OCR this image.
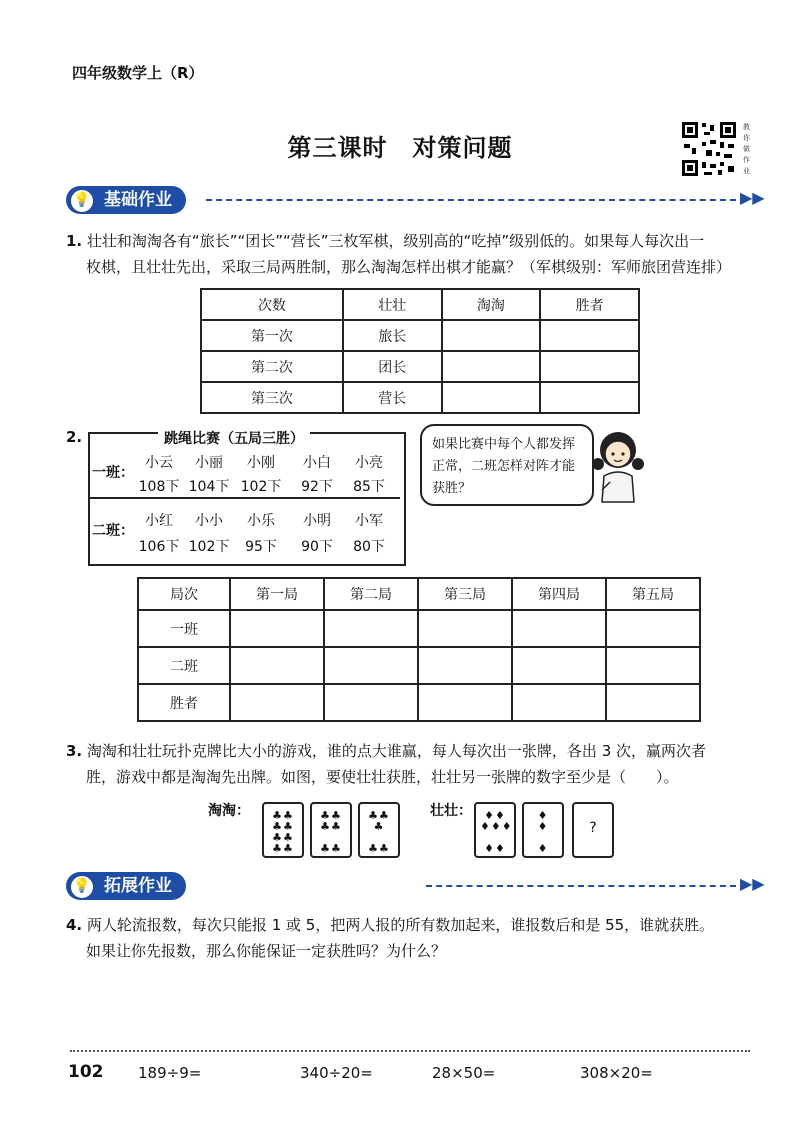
四年级数学上（R）
第三课时　对策问题
教你做作业
💡 基础作业	▶▶
1. 壮壮和淘淘各有“旅长”“团长”“营长”三枚军棋，级别高的“吃掉”级别低的。如果每人每次出一
枚棋，且壮壮先出，采取三局两胜制，那么淘淘怎样出棋才能赢？（军棋级别：军师旅团营连排）
次数	壮壮	淘淘	胜者
第一次	旅长		
第二次	团长		
第三次	营长		
2.	跳绳比赛（五局三胜）
一班：
小云	小丽	小刚	小白	小亮
108下 104下 102下	92下	85下
二班：
小红	小小	小乐	小明	小军
106下 102下	95下	90下	80下
如果比赛中每个人都发挥正常，二班怎样对阵才能获胜？
局次	第一局	第二局	第三局	第四局	第五局
一班					
二班					
胜者					
3. 淘淘和壮壮玩扑克牌比大小的游戏，谁的点大谁赢，每人每次出一张牌，各出 3 次，赢两次者
胜，游戏中都是淘淘先出牌。如图，要使壮壮获胜，壮壮另一张牌的数字至少是（　　）。
淘淘：	壮壮：
♣♣
♣♣
♣♣
♣♣
♣♣
♣♣

♣♣
♣♣
♣

♣♣
♦♦
♦♦♦

♦♦
♦
♦

♦
?
💡 拓展作业	▶▶
4. 两人轮流报数，每次只能报 1 或 5，把两人报的所有数加起来，谁报数后和是 55，谁就获胜。
如果让你先报数，那么你能保证一定获胜吗？为什么？
102 189÷9=	340÷20=	28×50=	308×20=
